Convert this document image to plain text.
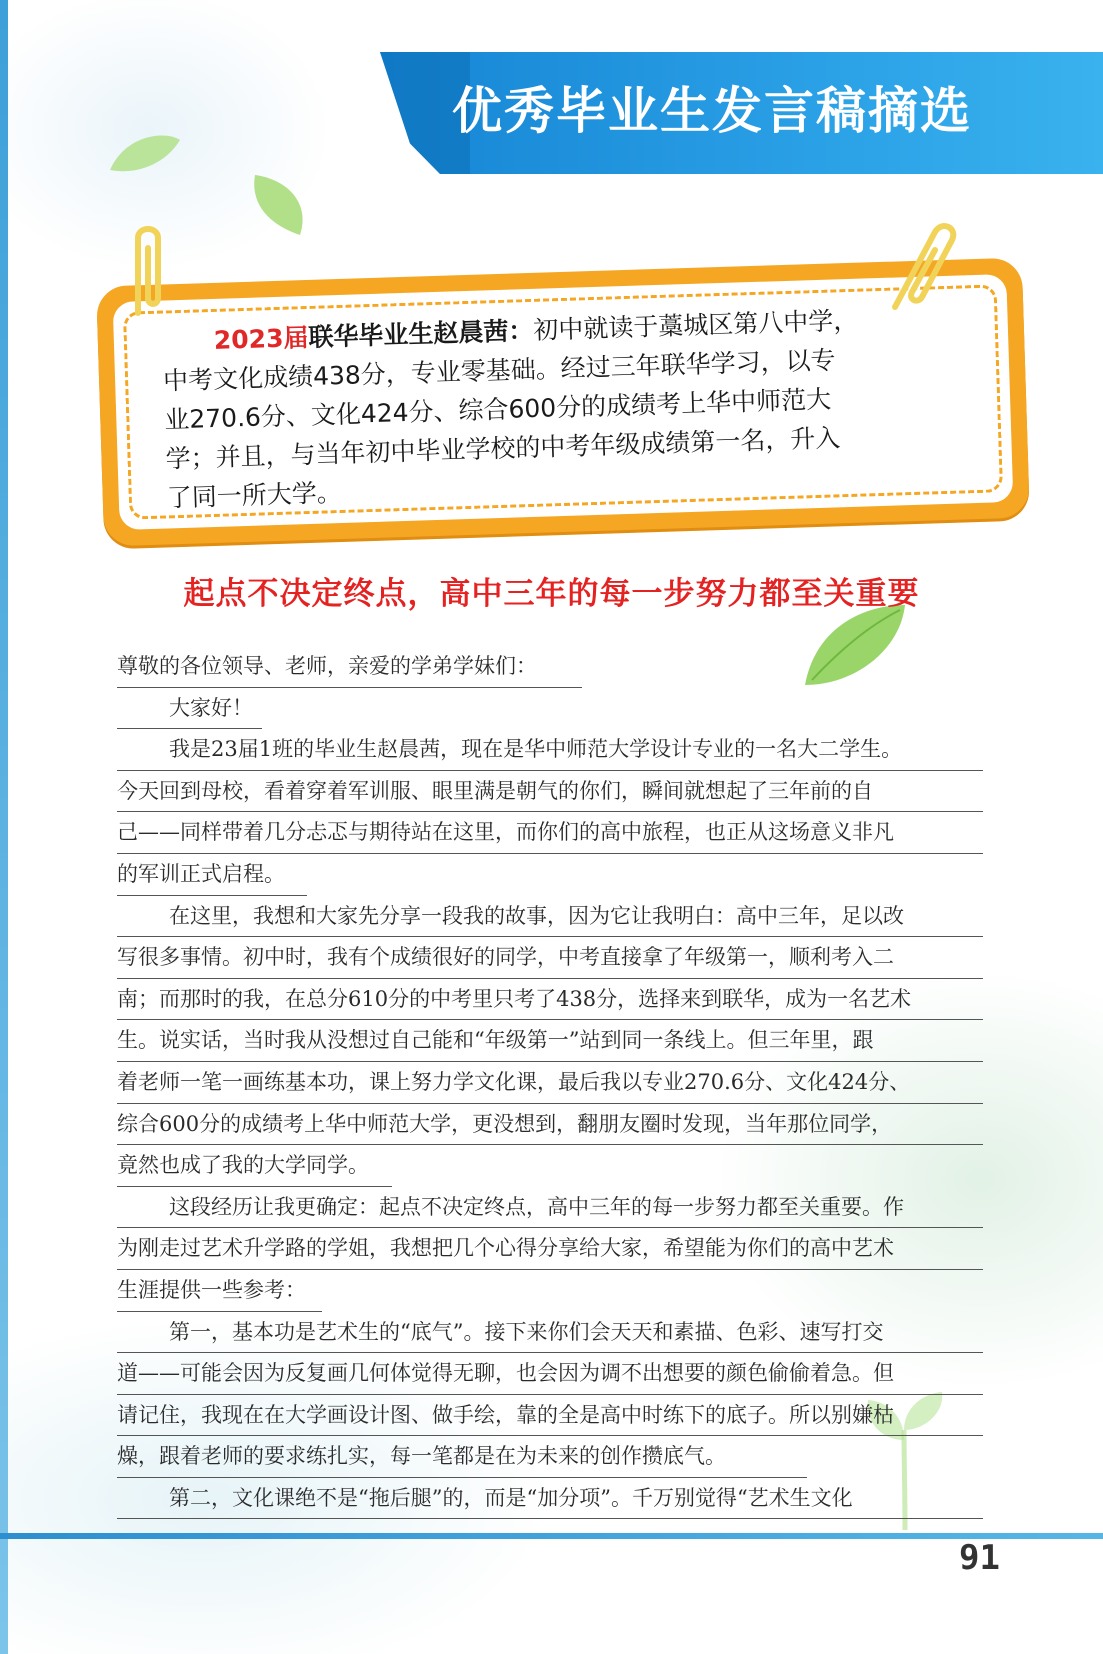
优秀毕业生发言稿摘选
2023届联华毕业生赵晨茜：初中就读于藁城区第八中学，
中考文化成绩438分，专业零基础。经过三年联华学习，以专
业270.6分、文化424分、综合600分的成绩考上华中师范大
学；并且，与当年初中毕业学校的中考年级成绩第一名，升入
了同一所大学。
起点不决定终点，高中三年的每一步努力都至关重要
尊敬的各位领导、老师，亲爱的学弟学妹们：
大家好！
我是23届1班的毕业生赵晨茜，现在是华中师范大学设计专业的一名大二学生。
今天回到母校，看着穿着军训服、眼里满是朝气的你们，瞬间就想起了三年前的自
己——同样带着几分忐忑与期待站在这里，而你们的高中旅程，也正从这场意义非凡
的军训正式启程。
在这里，我想和大家先分享一段我的故事，因为它让我明白：高中三年，足以改
写很多事情。初中时，我有个成绩很好的同学，中考直接拿了年级第一，顺利考入二
南；而那时的我，在总分610分的中考里只考了438分，选择来到联华，成为一名艺术
生。说实话，当时我从没想过自己能和“年级第一”站到同一条线上。但三年里，跟
着老师一笔一画练基本功，课上努力学文化课，最后我以专业270.6分、文化424分、
综合600分的成绩考上华中师范大学，更没想到，翻朋友圈时发现，当年那位同学，
竟然也成了我的大学同学。
这段经历让我更确定：起点不决定终点，高中三年的每一步努力都至关重要。作
为刚走过艺术升学路的学姐，我想把几个心得分享给大家，希望能为你们的高中艺术
生涯提供一些参考：
第一，基本功是艺术生的“底气”。接下来你们会天天和素描、色彩、速写打交
道——可能会因为反复画几何体觉得无聊，也会因为调不出想要的颜色偷偷着急。但
请记住，我现在在大学画设计图、做手绘，靠的全是高中时练下的底子。所以别嫌枯
燥，跟着老师的要求练扎实，每一笔都是在为未来的创作攒底气。
第二，文化课绝不是“拖后腿”的，而是“加分项”。千万别觉得“艺术生文化
91
